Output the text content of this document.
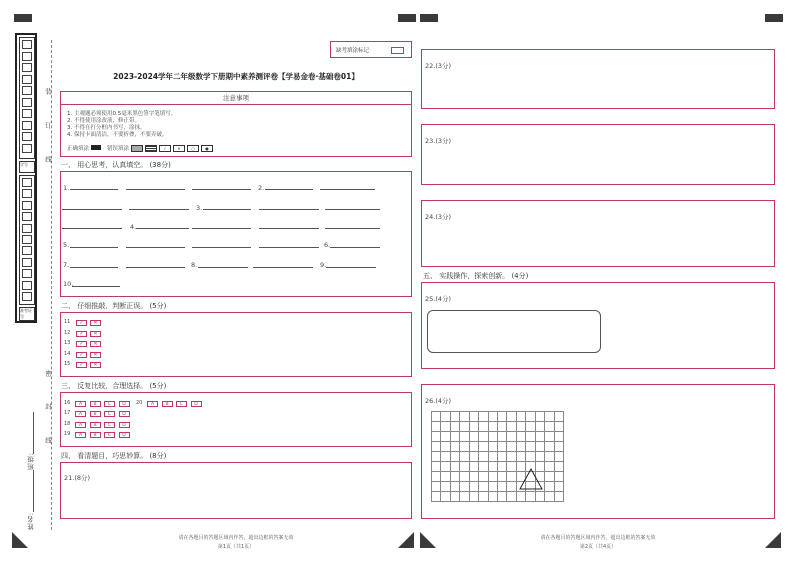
学号
准考证号
装
订
线
密
封
线
班级:
姓名:
缺考填涂标记
2023-2024学年二年级数学下册期中素养测评卷【学易金卷·基础卷01】
注意事项
1. 主观题必须使用0.5毫米黑色签字笔填写。
2. 不得使用涂改液、修正带。
3. 不得在打分框内书写，涂抹。
4. 保持卡面清洁，不要折叠，不要弄破。
正确填涂	错误填涂	✓	✕	○	●
一、 用心思考，认真填空。 (38分)
1.	2.
3.
4.
5.	6.
7.	8.	9.
10.
二、 仔细推敲，判断正误。 (5分)
11	✓	✕
12	✓	✕
13	✓	✕
14	✓	✕
15	✓	✕
三、 反复比较，合理选择。 (5分)
16	A	B	C	D
17	A	B	C	D
18	A	B	C	D
19	A	B	C	D
20	A	B	C	D
四、 看清题目，巧思妙算。 (8分)
21.(8分)
请在各题目的答题区域内作答，超出边框的答案无效
第1页（共1页）
22.(3分)
23.(3分)
24.(3分)
五、 实践操作，探索创新。 (4分)
25.(4分)
26.(4分)
请在各题目的答题区域内作答，超出边框的答案无效
第2页（共4页）
